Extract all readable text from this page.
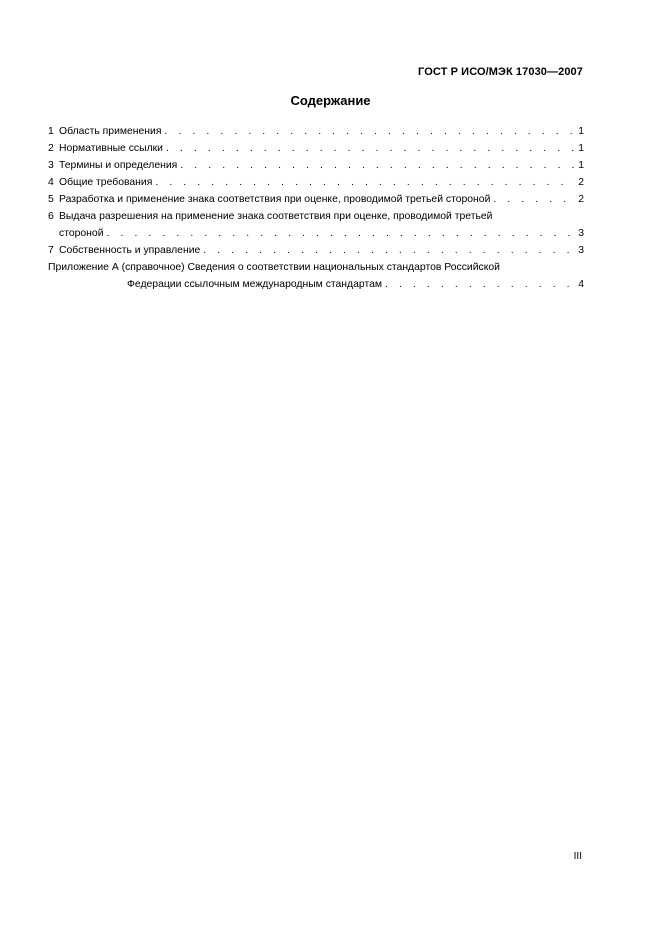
ГОСТ Р ИСО/МЭК 17030—2007
Содержание
1 Область применения . . .	1
2 Нормативные ссылки . . .	1
3 Термины и определения . . .	1
4 Общие требования . . .	2
5 Разработка и применение знака соответствия при оценке, проводимой третьей стороной . . .	2
6 Выдача разрешения на применение знака соответствия при оценке, проводимой третьей
стороной . . .	3
7 Собственность и управление . . .	3
Приложение А (справочное) Сведения о соответствии национальных стандартов Российской
Федерации ссылочным международным стандартам . . .	4
III
